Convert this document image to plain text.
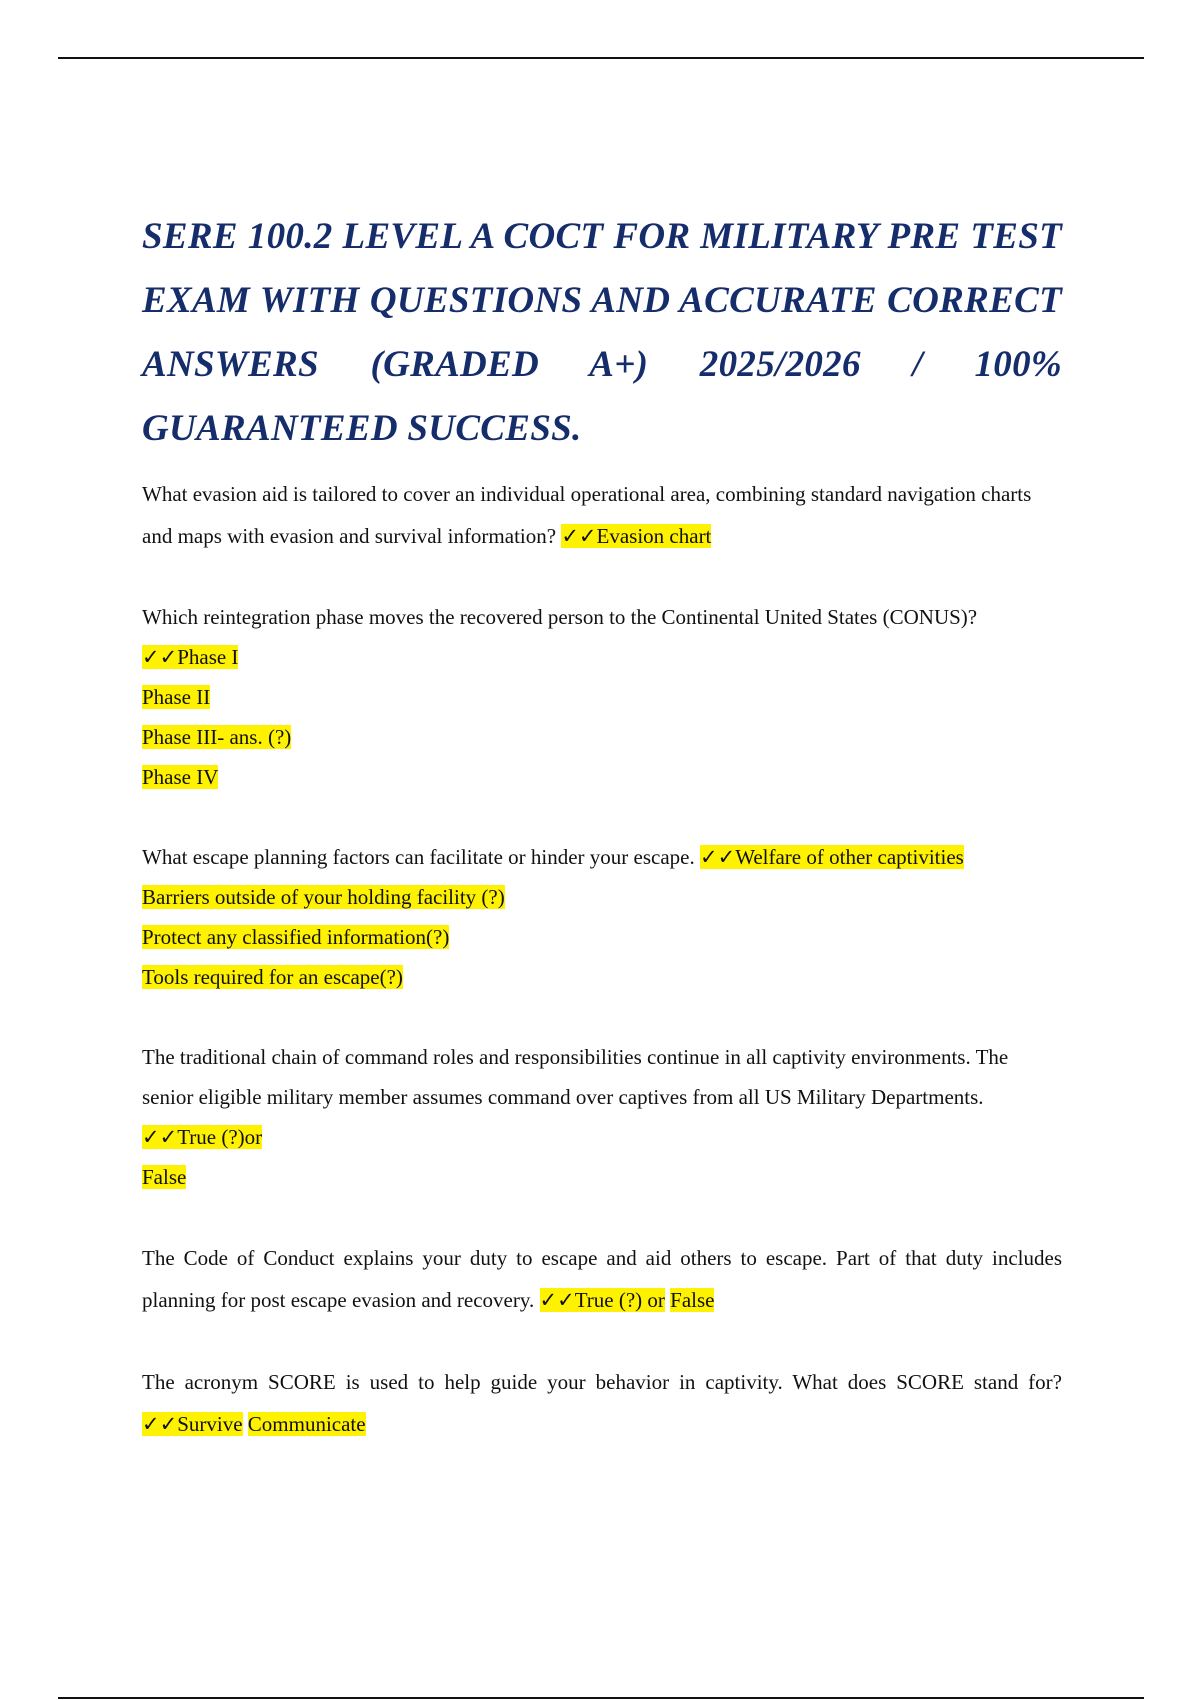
SERE 100.2 LEVEL A COCT FOR MILITARY PRE TEST EXAM WITH QUESTIONS AND ACCURATE CORRECT ANSWERS (GRADED A+) 2025/2026 / 100% GUARANTEED SUCCESS.
What evasion aid is tailored to cover an individual operational area, combining standard navigation charts and maps with evasion and survival information? ✓✓Evasion chart
Which reintegration phase moves the recovered person to the Continental United States (CONUS)? ✓✓Phase I
Phase II
Phase III- ans. (?)
Phase IV
What escape planning factors can facilitate or hinder your escape. ✓✓Welfare of other captivities
Barriers outside of your holding facility (?)
Protect any classified information(?)
Tools required for an escape(?)
The traditional chain of command roles and responsibilities continue in all captivity environments. The senior eligible military member assumes command over captives from all US Military Departments. ✓✓True (?)or
False
The Code of Conduct explains your duty to escape and aid others to escape. Part of that duty includes planning for post escape evasion and recovery. ✓✓True (?) or False
The acronym SCORE is used to help guide your behavior in captivity. What does SCORE stand for? ✓✓Survive Communicate
